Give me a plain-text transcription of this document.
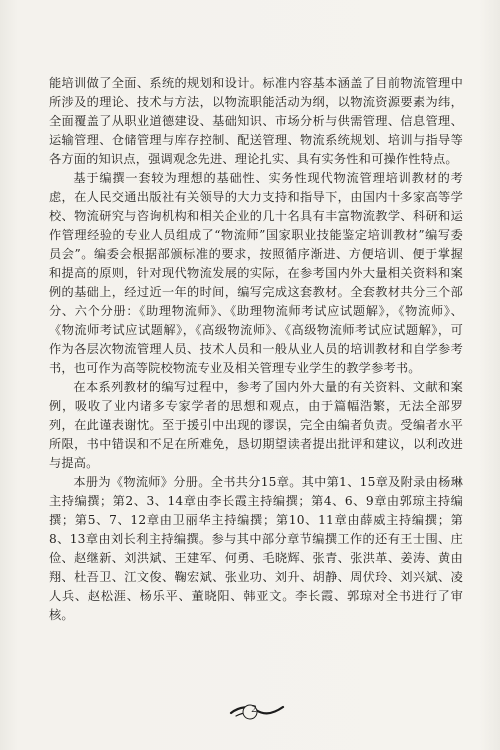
能培训做了全面、系统的规划和设计。标准内容基本涵盖了目前物流管理中所涉及的理论、技术与方法，以物流职能活动为纲，以物流资源要素为纬，全面覆盖了从职业道德建设、基础知识、市场分析与供需管理、信息管理、运输管理、仓储管理与库存控制、配送管理、物流系统规划、培训与指导等各方面的知识点，强调观念先进、理论扎实、具有实务性和可操作性特点。

基于编撰一套较为理想的基础性、实务性现代物流管理培训教材的考虑，在人民交通出版社有关领导的大力支持和指导下，由国内十多家高等学校、物流研究与咨询机构和相关企业的几十名具有丰富物流教学、科研和运作管理经验的专业人员组成了“物流师”国家职业技能鉴定培训教材”编写委员会”。编委会根据部颁标准的要求，按照循序渐进、方便培训、便于掌握和提高的原则，针对现代物流发展的实际，在参考国内外大量相关资料和案例的基础上，经过近一年的时间，编写完成这套教材。全套教材共分三个部分、六个分册：《助理物流师》、《助理物流师考试应试题解》，《物流师》、《物流师考试应试题解》，《高级物流师》、《高级物流师考试应试题解》，可作为各层次物流管理人员、技术人员和一般从业人员的培训教材和自学参考书，也可作为高等院校物流专业及相关管理专业学生的教学参考书。

在本系列教材的编写过程中，参考了国内外大量的有关资料、文献和案例，吸收了业内诸多专家学者的思想和观点，由于篇幅浩繁，无法全部罗列，在此谨表谢忱。至于援引中出现的谬误，完全由编者负责。受编者水平所限，书中错误和不足在所难免，恳切期望读者提出批评和建议，以利改进与提高。

本册为《物流师》分册。全书共分15章。其中第1、15章及附录由杨琳主持编撰；第2、3、14章由李长霞主持编撰；第4、6、9章由郭琼主持编撰；第5、7、12章由卫丽华主持编撰；第10、11章由薛威主持编撰；第8、13章由刘长利主持编撰。参与其中部分章节编撰工作的还有王士围、庄俭、赵继新、刘洪斌、王建军、何勇、毛晓辉、张青、张洪革、姜涛、黄由翔、杜吾卫、江文俊、鞠宏斌、张业功、刘升、胡静、周伏玲、刘兴斌、凌人兵、赵松涯、杨乐平、董晓阳、韩亚文。李长霞、郭琼对全书进行了审核。

2
